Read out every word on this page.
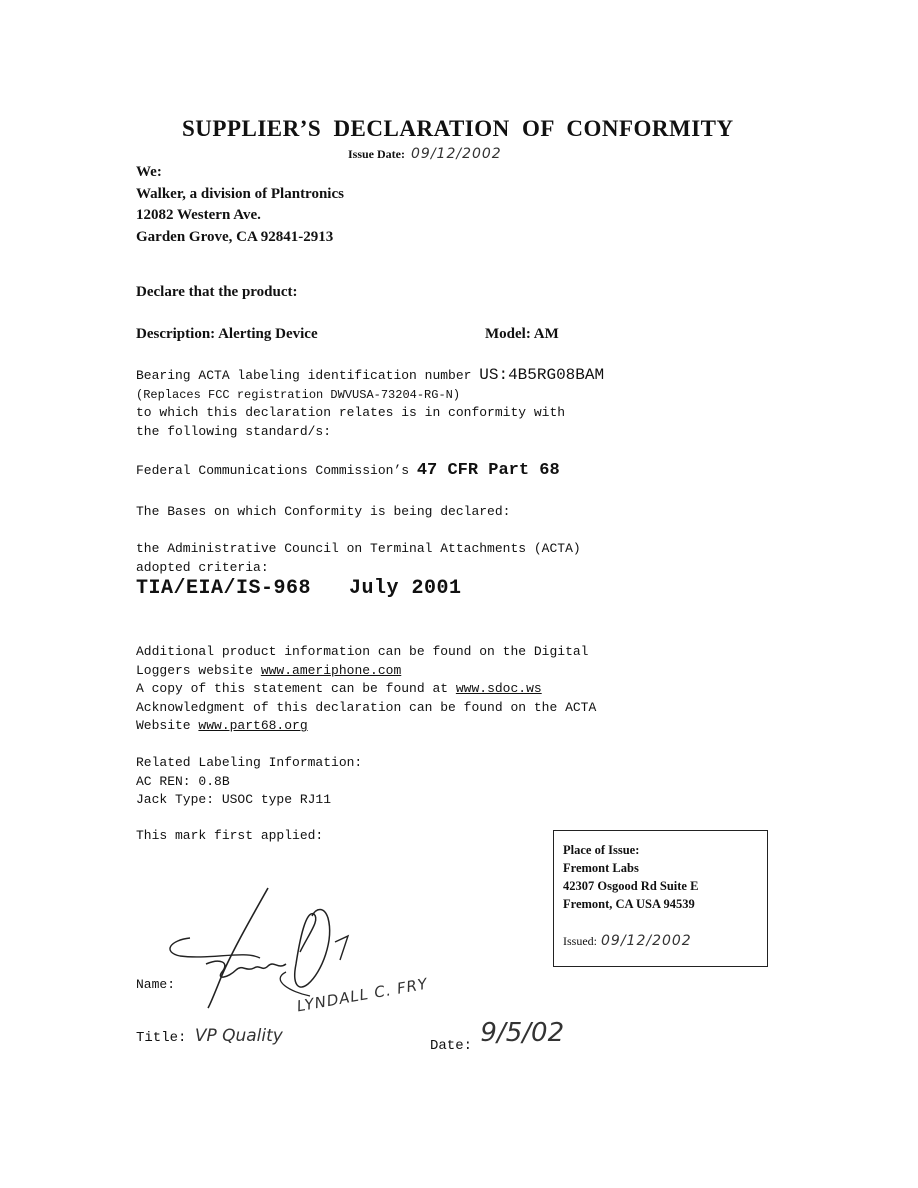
SUPPLIER’S DECLARATION OF CONFORMITY
Issue Date: 09/12/2002
We:
Walker, a division of Plantronics
12082 Western Ave.
Garden Grove, CA 92841-2913
Declare that the product:
Description: Alerting Device	Model: AM
Bearing ACTA labeling identification number US:4B5RG08BAM
(Replaces FCC registration DWVUSA-73204-RG-N)
to which this declaration relates is in conformity with
the following standard/s:
Federal Communications Commission’s 47 CFR Part 68
The Bases on which Conformity is being declared:
the Administrative Council on Terminal Attachments (ACTA)
adopted criteria:
TIA/EIA/IS-968 July 2001
Additional product information can be found on the Digital
Loggers website www.ameriphone.com
A copy of this statement can be found at www.sdoc.ws
Acknowledgment of this declaration can be found on the ACTA
Website www.part68.org
Related Labeling Information:
AC REN: 0.8B
Jack Type: USOC type RJ11
This mark first applied:
Place of Issue:
Fremont Labs
42307 Osgood Rd Suite E
Fremont, CA USA 94539
Issued: 09/12/2002
Name:	LYNDALL C. FRY
Title: VP Quality	Date: 9/5/02
